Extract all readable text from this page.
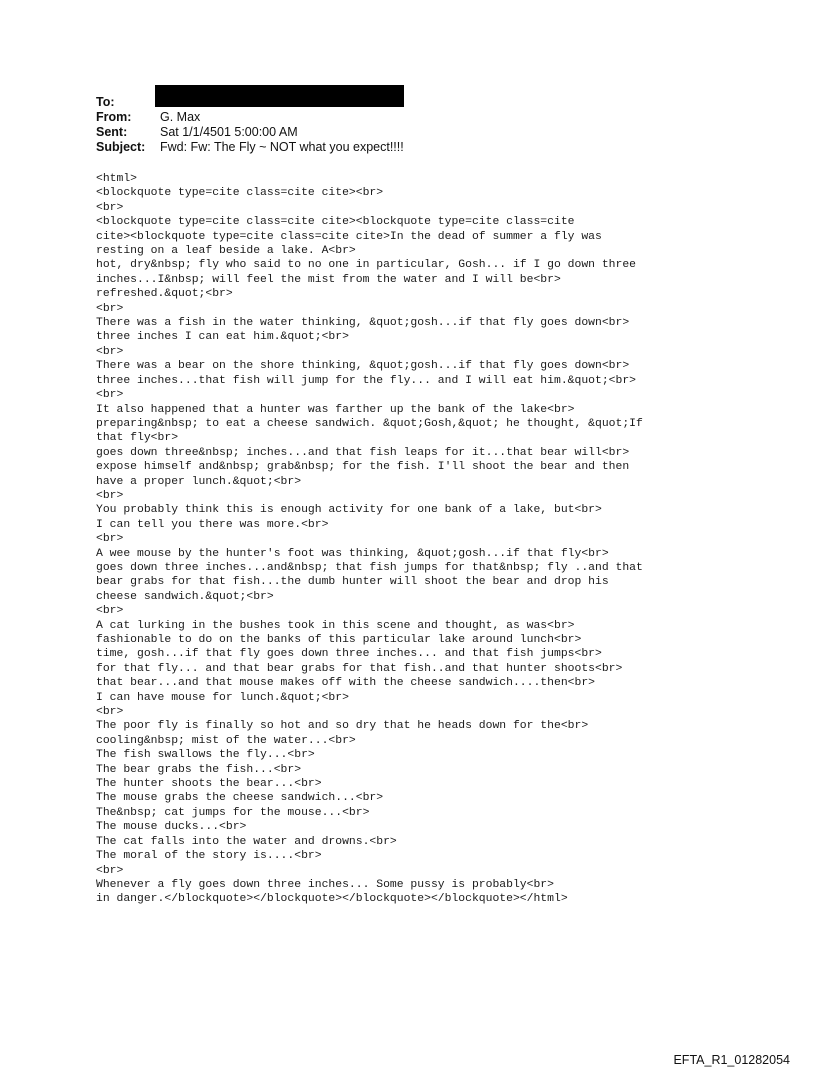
To:
From:	G. Max
Sent:	Sat 1/1/4501 5:00:00 AM
Subject:	Fwd: Fw: The Fly ~ NOT what you expect!!!!
<html>
<blockquote type=cite class=cite cite><br>
<br>
<blockquote type=cite class=cite cite><blockquote type=cite class=cite
cite><blockquote type=cite class=cite cite>In the dead of summer a fly was
resting on a leaf beside a lake. A<br>
hot, dry&nbsp; fly who said to no one in particular, Gosh... if I go down three
inches...I&nbsp; will feel the mist from the water and I will be<br>
refreshed.&quot;<br>
<br>
There was a fish in the water thinking, &quot;gosh...if that fly goes down<br>
three inches I can eat him.&quot;<br>
<br>
There was a bear on the shore thinking, &quot;gosh...if that fly goes down<br>
three inches...that fish will jump for the fly... and I will eat him.&quot;<br>
<br>
It also happened that a hunter was farther up the bank of the lake<br>
preparing&nbsp; to eat a cheese sandwich. &quot;Gosh,&quot; he thought, &quot;If
that fly<br>
goes down three&nbsp; inches...and that fish leaps for it...that bear will<br>
expose himself and&nbsp; grab&nbsp; for the fish. I'll shoot the bear and then
have a proper lunch.&quot;<br>
<br>
You probably think this is enough activity for one bank of a lake, but<br>
I can tell you there was more.<br>
<br>
A wee mouse by the hunter's foot was thinking, &quot;gosh...if that fly<br>
goes down three inches...and&nbsp; that fish jumps for that&nbsp; fly ..and that
bear grabs for that fish...the dumb hunter will shoot the bear and drop his
cheese sandwich.&quot;<br>
<br>
A cat lurking in the bushes took in this scene and thought, as was<br>
fashionable to do on the banks of this particular lake around lunch<br>
time, gosh...if that fly goes down three inches... and that fish jumps<br>
for that fly... and that bear grabs for that fish..and that hunter shoots<br>
that bear...and that mouse makes off with the cheese sandwich....then<br>
I can have mouse for lunch.&quot;<br>
<br>
The poor fly is finally so hot and so dry that he heads down for the<br>
cooling&nbsp; mist of the water...<br>
The fish swallows the fly...<br>
The bear grabs the fish...<br>
The hunter shoots the bear...<br>
The mouse grabs the cheese sandwich...<br>
The&nbsp; cat jumps for the mouse...<br>
The mouse ducks...<br>
The cat falls into the water and drowns.<br>
The moral of the story is....<br>
<br>
Whenever a fly goes down three inches... Some pussy is probably<br>
in danger.</blockquote></blockquote></blockquote></blockquote></html>
EFTA_R1_01282054
